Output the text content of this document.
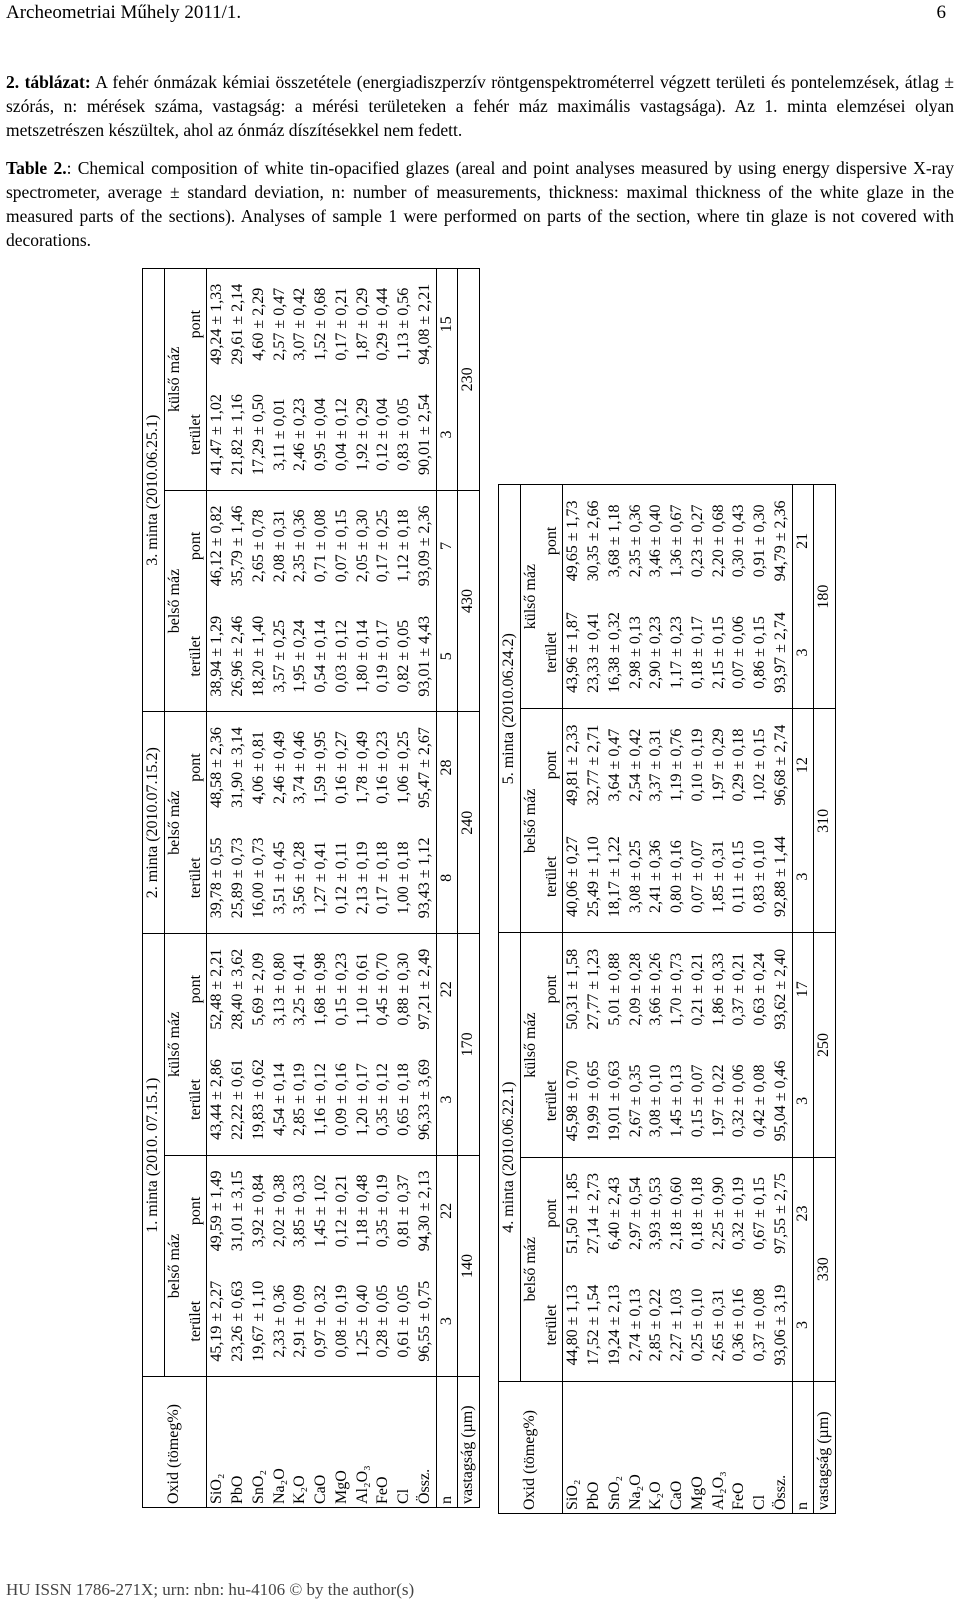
Archeometriai Műhely 2011/1.	6
2. táblázat: A fehér ónmázak kémiai összetétele (energiadiszperzív röntgenspektrométerrel végzett területi és pontelemzések, átlag ± szórás, n: mérések száma, vastagság: a mérési területeken a fehér máz maximális vastagsága). Az 1. minta elemzései olyan metszetrészen készültek, ahol az ónmáz díszítésekkel nem fedett.
Table 2.: Chemical composition of white tin-opacified glazes (areal and point analyses measured by using energy dispersive X-ray spectrometer, average ± standard deviation, n: number of measurements, thickness: maximal thickness of the white glaze in the measured parts of the sections). Analyses of sample 1 were performed on parts of the section, where tin glaze is not covered with decorations.
Oxid (tömeg%)	1. minta (2010. 07.15.1)				2. minta (2010.07.15.2)		3. minta (2010.06.25.1)			
	belső máz		külső máz		belső máz		belső máz		külső máz	
	terület	pont	terület	pont	terület	pont	terület	pont	terület	pont
SiO₂	45,19 ± 2,27	49,59 ± 1,49	43,44 ± 2,86	52,48 ± 2,21	39,78 ± 0,55	48,58 ± 2,36	38,94 ± 1,29	46,12 ± 0,82	41,47 ± 1,02	49,24 ± 1,33
PbO	23,26 ± 0,63	31,01 ± 3,15	22,22 ± 0,61	28,40 ± 3,62	25,89 ± 0,73	31,90 ± 3,14	26,96 ± 2,46	35,79 ± 1,46	21,82 ± 1,16	29,61 ± 2,14
SnO₂	19,67 ± 1,10	3,92 ± 0,84	19,83 ± 0,62	5,69 ± 2,09	16,00 ± 0,73	4,06 ± 0,81	18,20 ± 1,40	2,65 ± 0,78	17,29 ± 0,50	4,60 ± 2,29
Na₂O	2,33 ± 0,36	2,02 ± 0,38	4,54 ± 0,14	3,13 ± 0,80	3,51 ± 0,45	2,46 ± 0,49	3,57 ± 0,25	2,08 ± 0,31	3,11 ± 0,01	2,57 ± 0,47
K₂O	2,91 ± 0,09	3,85 ± 0,33	2,85 ± 0,19	3,25 ± 0,41	3,56 ± 0,28	3,74 ± 0,46	1,95 ± 0,24	2,35 ± 0,36	2,46 ± 0,23	3,07 ± 0,42
CaO	0,97 ± 0,32	1,45 ± 1,02	1,16 ± 0,12	1,68 ± 0,98	1,27 ± 0,41	1,59 ± 0,95	0,54 ± 0,14	0,71 ± 0,08	0,95 ± 0,04	1,52 ± 0,68
MgO	0,08 ± 0,19	0,12 ± 0,21	0,09 ± 0,16	0,15 ± 0,23	0,12 ± 0,11	0,16 ± 0,27	0,03 ± 0,12	0,07 ± 0,15	0,04 ± 0,12	0,17 ± 0,21
Al₂O₃	1,25 ± 0,40	1,18 ± 0,48	1,20 ± 0,17	1,10 ± 0,61	2,13 ± 0,19	1,78 ± 0,49	1,80 ± 0,14	2,05 ± 0,30	1,92 ± 0,29	1,87 ± 0,29
FeO	0,28 ± 0,05	0,35 ± 0,19	0,35 ± 0,12	0,45 ± 0,70	0,17 ± 0,18	0,16 ± 0,23	0,19 ± 0,17	0,17 ± 0,25	0,12 ± 0,04	0,29 ± 0,44
Cl	0,61 ± 0,05	0,81 ± 0,37	0,65 ± 0,18	0,88 ± 0,30	1,00 ± 0,18	1,06 ± 0,25	0,82 ± 0,05	1,12 ± 0,18	0,83 ± 0,05	1,13 ± 0,56
Össz.	96,55 ± 0,75	94,30 ± 2,13	96,33 ± 3,69	97,21 ± 2,49	93,43 ± 1,12	95,47 ± 2,67	93,01 ± 4,43	93,09 ± 2,36	90,01 ± 2,54	94,08 ± 2,21
n	3	22	3	22	8	28	5	7	3	15
vastagság (µm)	140		170		240		430		230	
Oxid (tömeg%)	4. minta (2010.06.22.1)				5. minta (2010.06.24.2)			
	belső máz		külső máz		belső máz		külső máz	
	terület	pont	terület	pont	terület	pont	terület	pont
SiO₂	44,80 ± 1,13	51,50 ± 1,85	45,98 ± 0,70	50,31 ± 1,58	40,06 ± 0,27	49,81 ± 2,33	43,96 ± 1,87	49,65 ± 1,73
PbO	17,52 ± 1,54	27,14 ± 2,73	19,99 ± 0,65	27,77 ± 1,23	25,49 ± 1,10	32,77 ± 2,71	23,33 ± 0,41	30,35 ± 2,66
SnO₂	19,24 ± 2,13	6,40 ± 2,43	19,01 ± 0,63	5,01 ± 0,88	18,17 ± 1,22	3,64 ± 0,47	16,38 ± 0,32	3,68 ± 1,18
Na₂O	2,74 ± 0,13	2,97 ± 0,54	2,67 ± 0,35	2,09 ± 0,28	3,08 ± 0,25	2,54 ± 0,42	2,98 ± 0,13	2,35 ± 0,36
K₂O	2,85 ± 0,22	3,93 ± 0,53	3,08 ± 0,10	3,66 ± 0,26	2,41 ± 0,36	3,37 ± 0,31	2,90 ± 0,23	3,46 ± 0,40
CaO	2,27 ± 1,03	2,18 ± 0,60	1,45 ± 0,13	1,70 ± 0,73	0,80 ± 0,16	1,19 ± 0,76	1,17 ± 0,23	1,36 ± 0,67
MgO	0,25 ± 0,10	0,18 ± 0,18	0,15 ± 0,07	0,21 ± 0,21	0,07 ± 0,07	0,10 ± 0,19	0,18 ± 0,17	0,23 ± 0,27
Al₂O₃	2,65 ± 0,31	2,25 ± 0,90	1,97 ± 0,22	1,86 ± 0,33	1,85 ± 0,31	1,97 ± 0,29	2,15 ± 0,15	2,20 ± 0,68
FeO	0,36 ± 0,16	0,32 ± 0,19	0,32 ± 0,06	0,37 ± 0,21	0,11 ± 0,15	0,29 ± 0,18	0,07 ± 0,06	0,30 ± 0,43
Cl	0,37 ± 0,08	0,67 ± 0,15	0,42 ± 0,08	0,63 ± 0,24	0,83 ± 0,10	1,02 ± 0,15	0,86 ± 0,15	0,91 ± 0,30
Össz.	93,06 ± 3,19	97,55 ± 2,75	95,04 ± 0,46	93,62 ± 2,40	92,88 ± 1,44	96,68 ± 2,74	93,97 ± 2,74	94,79 ± 2,36
n	3	23	3	17	3	12	3	21
vastagság (µm)	330		250		310		180	
HU ISSN 1786-271X; urn: nbn: hu-4106 © by the author(s)
